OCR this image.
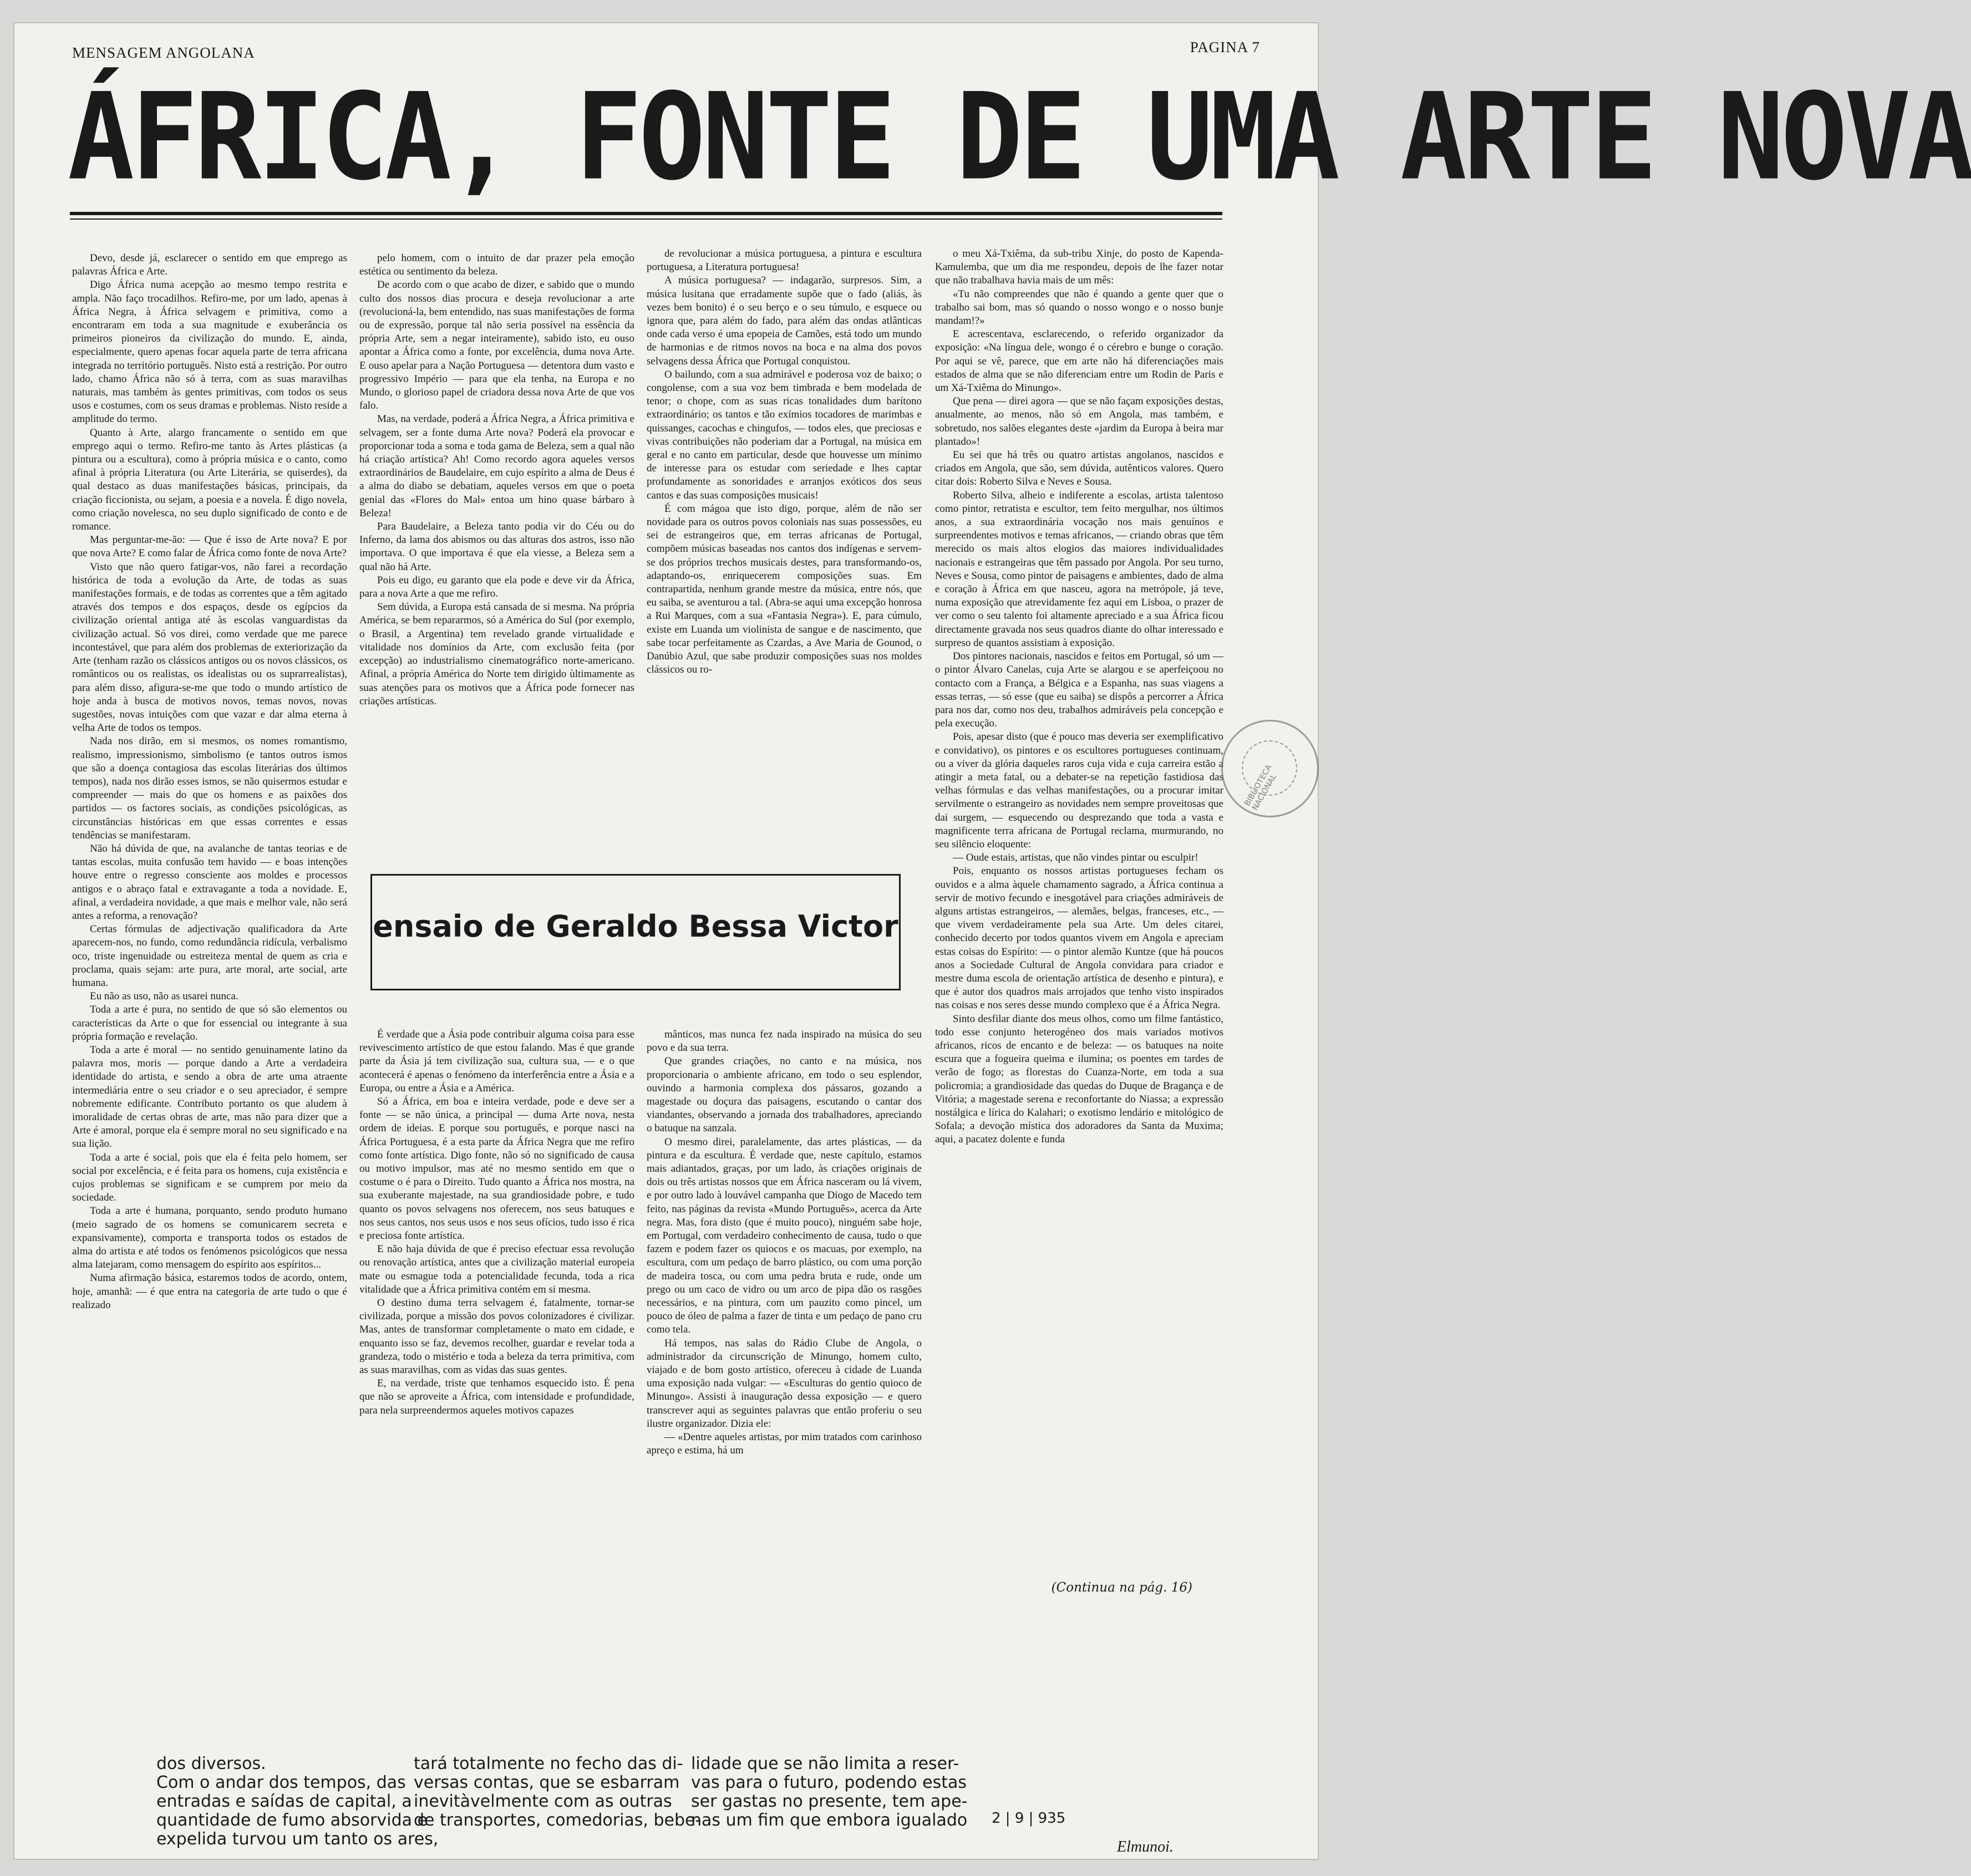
MENSAGEM ANGOLANA	PAGINA 7
ÁFRICA, FONTE DE UMA ARTE NOVA

Devo, desde já, esclarecer o sentido em que emprego as palavras África e Arte.

Digo África numa acepção ao mesmo tempo restrita e ampla. Não faço trocadilhos. Refiro-me, por um lado, apenas à África Negra, à África selvagem e primitiva, como a encontraram em toda a sua magnitude e exuberância os primeiros pioneiros da civilização do mundo. E, ainda, especialmente, quero apenas focar aquela parte de terra africana integrada no território português. Nisto está a restrição. Por outro lado, chamo África não só à terra, com as suas maravilhas naturais, mas também às gentes primitivas, com todos os seus usos e costumes, com os seus dramas e problemas. Nisto reside a amplitude do termo.

Quanto à Arte, alargo francamente o sentido em que emprego aqui o termo. Refiro-me tanto às Artes plásticas (a pintura ou a escultura), como à própria música e o canto, como afinal à própria Literatura (ou Arte Literária, se quiserdes), da qual destaco as duas manifestações básicas, principais, da criação ficcionista, ou sejam, a poesia e a novela. É digo novela, como criação novelesca, no seu duplo significado de conto e de romance.

Mas perguntar-me-ão: — Que é isso de Arte nova? E por que nova Arte? E como falar de África como fonte de nova Arte?

Visto que não quero fatigar-vos, não farei a recordação histórica de toda a evolução da Arte, de todas as suas manifestações formais, e de todas as correntes que a têm agitado através dos tempos e dos espaços, desde os egípcios da civilização oriental antiga até às escolas vanguardistas da civilização actual. Só vos direi, como verdade que me parece incontestável, que para além dos problemas de exteriorização da Arte (tenham razão os clássicos antigos ou os novos clássicos, os românticos ou os realistas, os idealistas ou os suprarrealistas), para além disso, afigura-se-me que todo o mundo artístico de hoje anda à busca de motivos novos, temas novos, novas sugestões, novas intuições com que vazar e dar alma eterna à velha Arte de todos os tempos.

Nada nos dirão, em si mesmos, os nomes romantismo, realismo, impressionismo, simbolismo (e tantos outros ismos que são a doença contagiosa das escolas literárias dos últimos tempos), nada nos dirão esses ismos, se não quisermos estudar e compreender — mais do que os homens e as paixões dos partidos — os factores sociais, as condições psicológicas, as circunstâncias históricas em que essas correntes e essas tendências se manifestaram.

Não há dúvida de que, na avalanche de tantas teorias e de tantas escolas, muita confusão tem havido — e boas intenções houve entre o regresso consciente aos moldes e processos antigos e o abraço fatal e extravagante a toda a novidade. E, afinal, a verdadeira novidade, a que mais e melhor vale, não será antes a reforma, a renovação?

Certas fórmulas de adjectivação qualificadora da Arte aparecem-nos, no fundo, como redundância ridícula, verbalismo oco, triste ingenuidade ou estreiteza mental de quem as cria e proclama, quais sejam: arte pura, arte moral, arte social, arte humana.

Eu não as uso, não as usarei nunca.

Toda a arte é pura, no sentido de que só são elementos ou características da Arte o que for essencial ou integrante à sua própria formação e revelação.

Toda a arte é moral — no sentido genuinamente latino da palavra mos, moris — porque dando a Arte a verdadeira identidade do artista, e sendo a obra de arte uma atraente intermediária entre o seu criador e o seu apreciador, é sempre nobremente edificante. Contributo portanto os que aludem à imoralidade de certas obras de arte, mas não para dizer que a Arte é amoral, porque ela é sempre moral no seu significado e na sua lição.

Toda a arte é social, pois que ela é feita pelo homem, ser social por excelência, e é feita para os homens, cuja existência e cujos problemas se significam e se cumprem por meio da sociedade.

Toda a arte é humana, porquanto, sendo produto humano (meio sagrado de os homens se comunicarem secreta e expansivamente), comporta e transporta todos os estados de alma do artista e até todos os fenómenos psicológicos que nessa alma latejaram, como mensagem do espírito aos espíritos...

Numa afirmação básica, estaremos todos de acordo, ontem, hoje, amanhã: — é que entra na categoria de arte tudo o que é realizado

pelo homem, com o intuito de dar prazer pela emoção estética ou sentimento da beleza.

De acordo com o que acabo de dizer, e sabido que o mundo culto dos nossos dias procura e deseja revolucionar a arte (revolucioná-la, bem entendido, nas suas manifestações de forma ou de expressão, porque tal não seria possível na essência da própria Arte, sem a negar inteiramente), sabido isto, eu ouso apontar a África como a fonte, por excelência, duma nova Arte. E ouso apelar para a Nação Portuguesa — detentora dum vasto e progressivo Império — para que ela tenha, na Europa e no Mundo, o glorioso papel de criadora dessa nova Arte de que vos falo.

Mas, na verdade, poderá a África Negra, a África primitiva e selvagem, ser a fonte duma Arte nova? Poderá ela provocar e proporcionar toda a soma e toda gama de Beleza, sem a qual não há criação artística? Ah! Como recordo agora aqueles versos extraordinários de Baudelaire, em cujo espírito a alma de Deus é a alma do diabo se debatiam, aqueles versos em que o poeta genial das «Flores do Mal» entoa um hino quase bárbaro à Beleza!

Para Baudelaire, a Beleza tanto podia vir do Céu ou do Inferno, da lama dos abismos ou das alturas dos astros, isso não importava. O que importava é que ela viesse, a Beleza sem a qual não há Arte.

Pois eu digo, eu garanto que ela pode e deve vir da África, para a nova Arte a que me refiro.

Sem dúvida, a Europa está cansada de si mesma. Na própria América, se bem repararmos, só a América do Sul (por exemplo, o Brasil, a Argentina) tem revelado grande virtualidade e vitalidade nos domínios da Arte, com exclusão feita (por excepção) ao industrialismo cinematográfico norte-americano. Afinal, a própria América do Norte tem dirigido ùltimamente as suas atenções para os motivos que a África pode fornecer nas criações artísticas.

de revolucionar a música portuguesa, a pintura e escultura portuguesa, a Literatura portuguesa!

A música portuguesa? — indagarão, surpresos. Sim, a música lusitana que erradamente supõe que o fado (aliás, às vezes bem bonito) é o seu berço e o seu túmulo, e esquece ou ignora que, para além do fado, para além das ondas atlânticas onde cada verso é uma epopeia de Camões, está todo um mundo de harmonias e de ritmos novos na boca e na alma dos povos selvagens dessa África que Portugal conquistou.

O bailundo, com a sua admirável e poderosa voz de baixo; o congolense, com a sua voz bem timbrada e bem modelada de tenor; o chope, com as suas ricas tonalidades dum barítono extraordinário; os tantos e tão exímios tocadores de marimbas e quissanges, cacochas e chingufos, — todos eles, que preciosas e vivas contribuições não poderiam dar a Portugal, na música em geral e no canto em particular, desde que houvesse um mínimo de interesse para os estudar com seriedade e lhes captar profundamente as sonoridades e arranjos exóticos dos seus cantos e das suas composições musicais!

É com mágoa que isto digo, porque, além de não ser novidade para os outros povos coloniais nas suas possessões, eu sei de estrangeiros que, em terras africanas de Portugal, compõem músicas baseadas nos cantos dos indígenas e servem-se dos próprios trechos musicais destes, para transformando-os, adaptando-os, enriquecerem composições suas. Em contrapartida, nenhum grande mestre da música, entre nós, que eu saiba, se aventurou a tal. (Abra-se aqui uma excepção honrosa a Rui Marques, com a sua «Fantasia Negra»). E, para cúmulo, existe em Luanda um violinista de sangue e de nascimento, que sabe tocar perfeitamente as Czardas, a Ave Maria de Gounod, o Danúbio Azul, que sabe produzir composições suas nos moldes clássicos ou ro-

o meu Xá-Txiêma, da sub-tribu Xinje, do posto de Kapenda-Kamulemba, que um dia me respondeu, depois de lhe fazer notar que não trabalhava havia mais de um mês:

«Tu não compreendes que não é quando a gente quer que o trabalho sai bom, mas só quando o nosso wongo e o nosso bunje mandam!?»

E acrescentava, esclarecendo, o referido organizador da exposição: «Na língua dele, wongo é o cérebro e bunge o coração. Por aqui se vê, parece, que em arte não há diferenciações mais estados de alma que se não diferenciam entre um Rodin de Paris e um Xá-Txiêma do Minungo».

Que pena — direi agora — que se não façam exposições destas, anualmente, ao menos, não só em Angola, mas também, e sobretudo, nos salões elegantes deste «jardim da Europa à beira mar plantado»!

Eu sei que há três ou quatro artistas angolanos, nascidos e criados em Angola, que são, sem dúvida, autênticos valores. Quero citar dois: Roberto Silva e Neves e Sousa.

Roberto Silva, alheio e indiferente a escolas, artista talentoso como pintor, retratista e escultor, tem feito mergulhar, nos últimos anos, a sua extraordinária vocação nos mais genuínos e surpreendentes motivos e temas africanos, — criando obras que têm merecido os mais altos elogios das maiores individualidades nacionais e estrangeiras que têm passado por Angola. Por seu turno, Neves e Sousa, como pintor de paisagens e ambientes, dado de alma e coração à África em que nasceu, agora na metrópole, já teve, numa exposição que atrevidamente fez aqui em Lisboa, o prazer de ver como o seu talento foi altamente apreciado e a sua África ficou directamente gravada nos seus quadros diante do olhar interessado e surpreso de quantos assistiam à exposição.

Dos pintores nacionais, nascidos e feitos em Portugal, só um — o pintor Álvaro Canelas, cuja Arte se alargou e se aperfeiçoou no contacto com a França, a Bélgica e a Espanha, nas suas viagens a essas terras, — só esse (que eu saiba) se dispôs a percorrer a África para nos dar, como nos deu, trabalhos admiráveis pela concepção e pela execução.

Pois, apesar disto (que é pouco mas deveria ser exemplificativo e convidativo), os pintores e os escultores portugueses continuam, ou a viver da glória daqueles raros cuja vida e cuja carreira estão a atingir a meta fatal, ou a debater-se na repetição fastidiosa das velhas fórmulas e das velhas manifestações, ou a procurar imitar servilmente o estrangeiro as novidades nem sempre proveitosas que dai surgem, — esquecendo ou desprezando que toda a vasta e magnificente terra africana de Portugal reclama, murmurando, no seu silêncio eloquente:

— Oude estais, artistas, que não vindes pintar ou esculpir!

Pois, enquanto os nossos artistas portugueses fecham os ouvidos e a alma àquele chamamento sagrado, a África continua a servir de motivo fecundo e inesgotável para criações admiráveis de alguns artistas estrangeiros, — alemães, belgas, franceses, etc., — que vivem verdadeiramente pela sua Arte. Um deles citarei, conhecido decerto por todos quantos vivem em Angola e apreciam estas coisas do Espírito: — o pintor alemão Kuntze (que há poucos anos a Sociedade Cultural de Angola convidara para criador e mestre duma escola de orientação artística de desenho e pintura), e que é autor dos quadros mais arrojados que tenho visto inspirados nas coisas e nos seres desse mundo complexo que é a África Negra.

Sinto desfilar diante dos meus olhos, como um filme fantástico, todo esse conjunto heterogéneo dos mais variados motivos africanos, ricos de encanto e de beleza: — os batuques na noite escura que a fogueira queima e ilumina; os poentes em tardes de verão de fogo; as florestas do Cuanza-Norte, em toda a sua policromia; a grandiosidade das quedas do Duque de Bragança e de Vitória; a magestade serena e reconfortante do Niassa; a expressão nostálgica e lírica do Kalahari; o exotismo lendário e mitológico de Sofala; a devoção mística dos adoradores da Santa da Muxima; aqui, a pacatez dolente e funda

ensaio de Geraldo Bessa Victor

É verdade que a Ásia pode contribuir alguma coisa para esse revivescimento artístico de que estou falando. Mas é que grande parte da Ásia já tem civilização sua, cultura sua, — e o que acontecerá é apenas o fenómeno da interferência entre a Ásia e a Europa, ou entre a Ásia e a América.

Só a África, em boa e inteira verdade, pode e deve ser a fonte — se não única, a principal — duma Arte nova, nesta ordem de ideias. E porque sou português, e porque nasci na África Portuguesa, é a esta parte da África Negra que me refiro como fonte artística. Digo fonte, não só no significado de causa ou motivo impulsor, mas até no mesmo sentido em que o costume o é para o Direito. Tudo quanto a África nos mostra, na sua exuberante majestade, na sua grandiosidade pobre, e tudo quanto os povos selvagens nos oferecem, nos seus batuques e nos seus cantos, nos seus usos e nos seus ofícios, tudo isso é rica e preciosa fonte artística.

E não haja dúvida de que é preciso efectuar essa revolução ou renovação artística, antes que a civilização material europeia mate ou esmague toda a potencialidade fecunda, toda a rica vitalidade que a África primitiva contém em si mesma.

O destino duma terra selvagem é, fatalmente, tornar-se civilizada, porque a missão dos povos colonizadores é civilizar. Mas, antes de transformar completamente o mato em cidade, e enquanto isso se faz, devemos recolher, guardar e revelar toda a grandeza, todo o mistério e toda a beleza da terra primitiva, com as suas maravilhas, com as vidas das suas gentes.

E, na verdade, triste que tenhamos esquecido isto. É pena que não se aproveite a África, com intensidade e profundidade, para nela surpreendermos aqueles motivos capazes

mânticos, mas nunca fez nada inspirado na música do seu povo e da sua terra.

Que grandes criações, no canto e na música, nos proporcionaria o ambiente africano, em todo o seu esplendor, ouvindo a harmonia complexa dos pássaros, gozando a magestade ou doçura das paisagens, escutando o cantar dos viandantes, observando a jornada dos trabalhadores, apreciando o batuque na sanzala.

O mesmo direi, paralelamente, das artes plásticas, — da pintura e da escultura. É verdade que, neste capítulo, estamos mais adiantados, graças, por um lado, às criações originais de dois ou três artistas nossos que em África nasceram ou lá vivem, e por outro lado à louvável campanha que Diogo de Macedo tem feito, nas páginas da revista «Mundo Português», acerca da Arte negra. Mas, fora disto (que é muito pouco), ninguém sabe hoje, em Portugal, com verdadeiro conhecimento de causa, tudo o que fazem e podem fazer os quiocos e os macuas, por exemplo, na escultura, com um pedaço de barro plástico, ou com uma porção de madeira tosca, ou com uma pedra bruta e rude, onde um prego ou um caco de vidro ou um arco de pipa dão os rasgões necessários, e na pintura, com um pauzito como pincel, um pouco de óleo de palma a fazer de tinta e um pedaço de pano cru como tela.

Há tempos, nas salas do Rádio Clube de Angola, o administrador da circunscrição de Minungo, homem culto, viajado e de bom gosto artístico, ofereceu à cidade de Luanda uma exposição nada vulgar: — «Esculturas do gentio quioco de Minungo». Assisti à inauguração dessa exposição — e quero transcrever aqui as seguintes palavras que então proferiu o seu ilustre organizador. Dizia ele:

— «Dentre aqueles artistas, por mim tratados com carinhoso apreço e estima, há um

(Continua na pág. 16)
BIBLIOTECA NACIONAL
dos diversos.
Com o andar dos tempos, das
entradas e saídas de capital, a
quantidade de fumo absorvida e
expelida turvou um tanto os ares,
tará totalmente no fecho das di-
versas contas, que se esbarram
inevitàvelmente com as outras
de transportes, comedorias, bebe-
lidade que se não limita a reser-
vas para o futuro, podendo estas
ser gastas no presente, tem ape-
nas um fim que embora igualado 2 | 9 | 935
Elmunoi.
